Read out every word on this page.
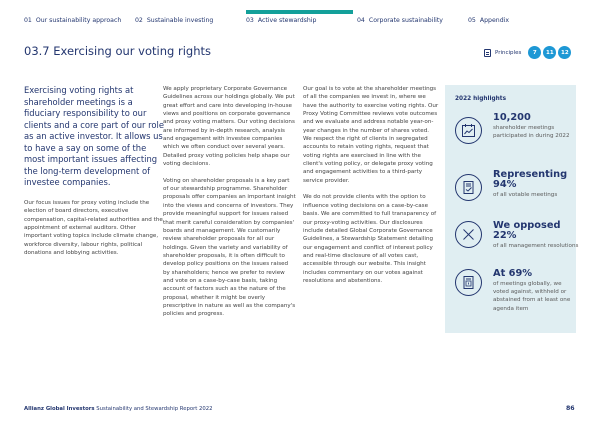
01 Our sustainability approach 02 Sustainable investing	03 Active stewardship	04 Corporate sustainability	05 Appendix
03.7 Exercising our voting rights	Principles	7	11	12
Exercising voting rights at shareholder meetings is a fiduciary responsibility to our clients and a core part of our role as an active investor. It allows us to have a say on some of the most important issues affecting the long-term development of investee companies.

Our focus issues for proxy voting include the election of board directors, executive compensation, capital-related authorities and the appointment of external auditors. Other important voting topics include climate change, workforce diversity, labour rights, political donations and lobbying activities.

We apply proprietary Corporate Governance Guidelines across our holdings globally. We put great effort and care into developing in-house views and positions on corporate governance and proxy voting matters. Our voting decisions are informed by in-depth research, analysis and engagement with investee companies which we often conduct over several years. Detailed proxy voting policies help shape our voting decisions.

Voting on shareholder proposals is a key part of our stewardship programme. Shareholder proposals offer companies an important insight into the views and concerns of investors. They provide meaningful support for issues raised that merit careful consideration by companies' boards and management. We customarily review shareholder proposals for all our holdings. Given the variety and variability of shareholder proposals, it is often difficult to develop policy positions on the issues raised by shareholders; hence we prefer to review and vote on a case-by-case basis, taking account of factors such as the nature of the proposal, whether it might be overly prescriptive in nature as well as the company's policies and progress.

Our goal is to vote at the shareholder meetings of all the companies we invest in, where we have the authority to exercise voting rights. Our Proxy Voting Committee reviews vote outcomes and we evaluate and address notable year-on-year changes in the number of shares voted. We respect the right of clients in segregated accounts to retain voting rights, request that voting rights are exercised in line with the client's voting policy, or delegate proxy voting and engagement activities to a third-party service provider.

We do not provide clients with the option to influence voting decisions on a case-by-case basis. We are committed to full transparency of our proxy-voting activities. Our disclosures include detailed Global Corporate Governance Guidelines, a Stewardship Statement detailing our engagement and conflict of interest policy and real-time disclosure of all votes cast, accessible through our website. This insight includes commentary on our votes against resolutions and abstentions.

2022 highlights
10,200
shareholder meetings participated in during 2022
Representing 94%
of all votable meetings
We opposed 22%
of all management resolutions
At 69%
of meetings globally, we voted against, withheld or abstained from at least one agenda item
Allianz Global Investors Sustainability and Stewardship Report 2022	86
